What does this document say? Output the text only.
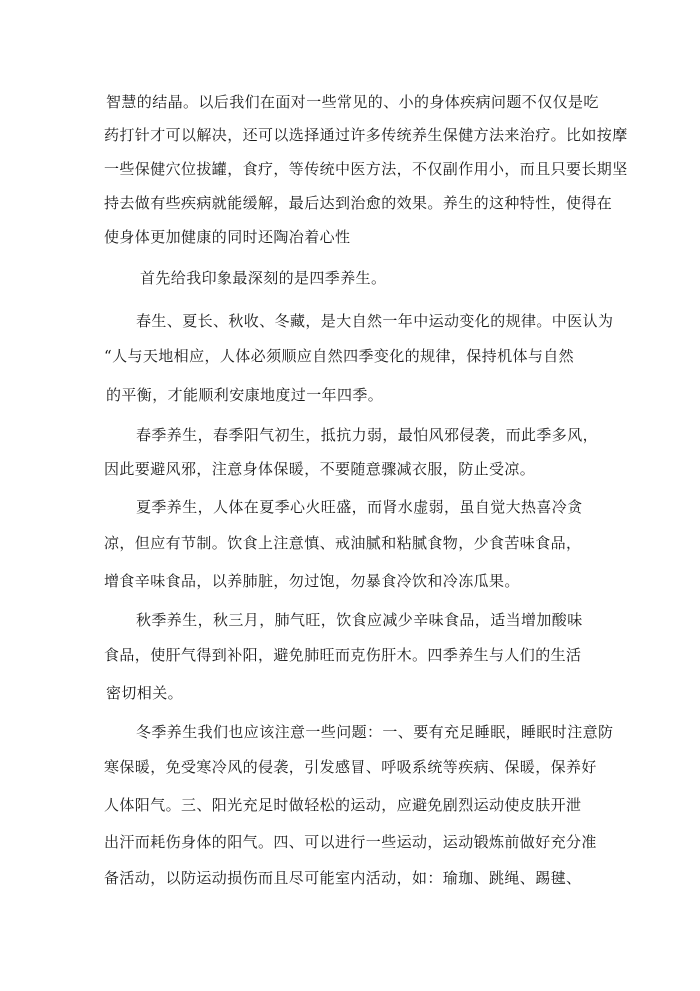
智慧的结晶。以后我们在面对一些常见的、小的身体疾病问题不仅仅是吃

药打针才可以解决，还可以选择通过许多传统养生保健方法来治疗。比如按摩

一些保健穴位拔罐，食疗，等传统中医方法，不仅副作用小，而且只要长期坚

持去做有些疾病就能缓解，最后达到治愈的效果。养生的这种特性，使得在

使身体更加健康的同时还陶冶着心性

首先给我印象最深刻的是四季养生。

春生、夏长、秋收、冬藏，是大自然一年中运动变化的规律。中医认为

“人与天地相应，人体必须顺应自然四季变化的规律，保持机体与自然

的平衡，才能顺利安康地度过一年四季。

春季养生，春季阳气初生，抵抗力弱，最怕风邪侵袭，而此季多风，

因此要避风邪，注意身体保暖，不要随意骤减衣服，防止受凉。

夏季养生，人体在夏季心火旺盛，而肾水虚弱，虽自觉大热喜冷贪

凉，但应有节制。饮食上注意慎、戒油腻和粘腻食物，少食苦味食品，

增食辛味食品，以养肺脏，勿过饱，勿暴食冷饮和冷冻瓜果。

秋季养生，秋三月，肺气旺，饮食应减少辛味食品，适当增加酸味

食品，使肝气得到补阳，避免肺旺而克伤肝木。四季养生与人们的生活

密切相关。

冬季养生我们也应该注意一些问题：一、要有充足睡眠，睡眠时注意防

寒保暖，免受寒冷风的侵袭，引发感冒、呼吸系统等疾病、保暖，保养好

人体阳气。三、阳光充足时做轻松的运动，应避免剧烈运动使皮肤开泄

出汗而耗伤身体的阳气。四、可以进行一些运动，运动锻炼前做好充分准

备活动，以防运动损伤而且尽可能室内活动，如：瑜珈、跳绳、踢毽、
